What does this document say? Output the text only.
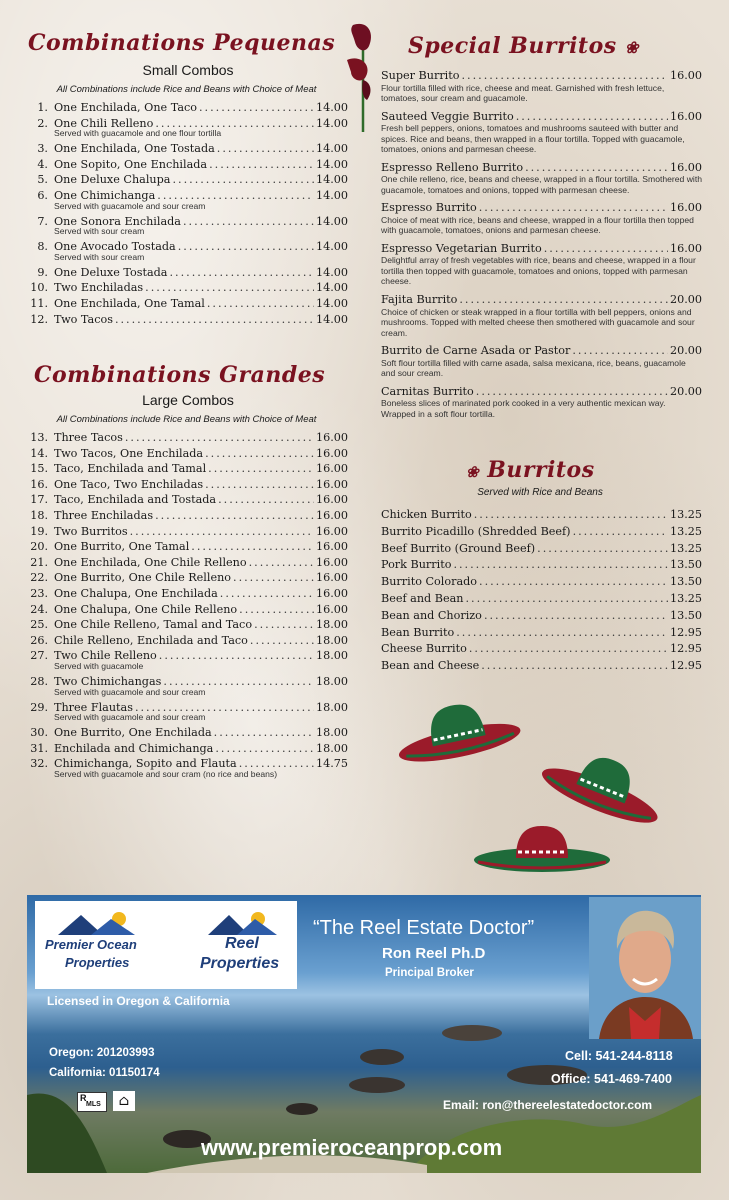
Combinations Pequenas
Small Combos
All Combinations include Rice and Beans with Choice of Meat
1. One Enchilada, One Taco .....	14.00
2. One Chili Relleno .....	14.00
Served with guacamole and one flour tortilla
3. One Enchilada, One Tostada .....	14.00
4. One Sopito, One Enchilada .....	14.00
5. One Deluxe Chalupa .....	14.00
6. One Chimichanga .....	14.00
Served with guacamole and sour cream
7. One Sonora Enchilada .....	14.00
Served with sour cream
8. One Avocado Tostada .....	14.00
Served with sour cream
9. One Deluxe Tostada .....	14.00
10. Two Enchiladas .....	14.00
11. One Enchilada, One Tamal .....	14.00
12. Two Tacos .....	14.00
Combinations Grandes
Large Combos
All Combinations include Rice and Beans with Choice of Meat
13. Three Tacos .....	16.00
14. Two Tacos, One Enchilada .....	16.00
15. Taco, Enchilada and Tamal .....	16.00
16. One Taco, Two Enchiladas .....	16.00
17. Taco, Enchilada and Tostada .....	16.00
18. Three Enchiladas .....	16.00
19. Two Burritos .....	16.00
20. One Burrito, One Tamal .....	16.00
21. One Enchilada, One Chile Relleno .....	16.00
22. One Burrito, One Chile Relleno .....	16.00
23. One Chalupa, One Enchilada .....	16.00
24. One Chalupa, One Chile Relleno .....	16.00
25. One Chile Relleno, Tamal and Taco .....	18.00
26. Chile Relleno, Enchilada and Taco .....	18.00
27. Two Chile Relleno .....	18.00
Served with guacamole
28. Two Chimichangas .....	18.00
Served with guacamole and sour cream
29. Three Flautas .....	18.00
Served with guacamole and sour cream
30. One Burrito, One Enchilada .....	18.00
31. Enchilada and Chimichanga .....	18.00
32. Chimichanga, Sopito and Flauta .....	14.75
Served with guacamole and sour cram (no rice and beans)
Special Burritos ❀
Super Burrito .....	16.00
Flour tortilla filled with rice, cheese and meat. Garnished with fresh lettuce, tomatoes, sour cream and guacamole.
Sauteed Veggie Burrito .....	16.00
Fresh bell peppers, onions, tomatoes and mushrooms sauteed with butter and spices. Rice and beans, then wrapped in a flour tortilla. Topped with guacamole, tomatoes, onions and parmesan cheese.
Espresso Relleno Burrito .....	16.00
One chile relleno, rice, beans and cheese, wrapped in a flour tortilla. Smothered with guacamole, tomatoes and onions, topped with parmesan cheese.
Espresso Burrito .....	16.00
Choice of meat with rice, beans and cheese, wrapped in a flour tortilla then topped with guacamole, tomatoes, onions and parmesan cheese.
Espresso Vegetarian Burrito .....	16.00
Delightful array of fresh vegetables with rice, beans and cheese, wrapped in a flour tortilla then topped with guacamole, tomatoes and onions, topped with parmesan cheese.
Fajita Burrito .....	20.00
Choice of chicken or steak wrapped in a flour tortilla with bell peppers, onions and mushrooms. Topped with melted cheese then smothered with guacamole and sour cream.
Burrito de Carne Asada or Pastor .....	20.00
Soft flour tortilla filled with carne asada, salsa mexicana, rice, beans, guacamole and sour cream.
Carnitas Burrito .....	20.00
Boneless slices of marinated pork cooked in a very authentic mexican way. Wrapped in a soft flour tortilla.
❀ Burritos
Served with Rice and Beans
Chicken Burrito .....	13.25
Burrito Picadillo (Shredded Beef) .....	13.25
Beef Burrito (Ground Beef) .....	13.25
Pork Burrito .....	13.50
Burrito Colorado .....	13.50
Beef and Bean .....	13.25
Bean and Chorizo .....	13.50
Bean Burrito .....	12.95
Cheese Burrito .....	12.95
Bean and Cheese .....	12.95
Premier Ocean
Properties
Reel
Properties
“The Reel Estate Doctor”
Ron Reel Ph.D
Principal Broker
Licensed in Oregon & California
Oregon: 201203993
California: 01150174
MLS
R	⌂
Cell: 541-244-8118
Office: 541-469-7400
Email: ron@thereelestatedoctor.com
www.premieroceanprop.com
